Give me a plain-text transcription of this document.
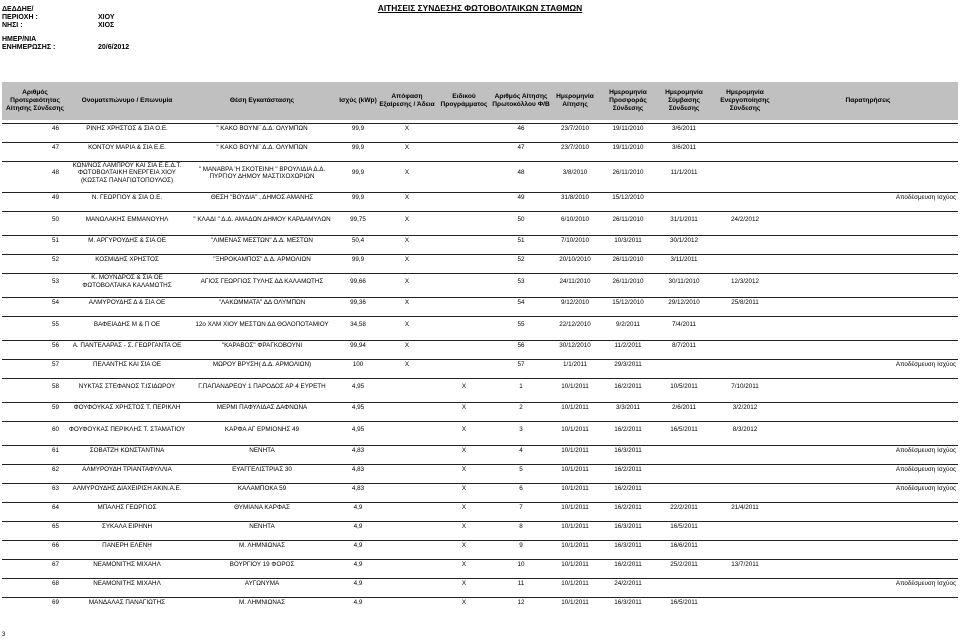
ΑΙΤΗΣΕΙΣ ΣΥΝΔΕΣΗΣ ΦΩΤΟΒΟΛΤΑΙΚΩΝ ΣΤΑΘΜΩΝ
ΔΕΔΔΗΕ/
ΠΕΡΙΟΧΗ :	ΧΙΟΥ
ΝΗΣΙ :	ΧΙΟΣ
ΗΜΕΡ/ΝΙΑ
ΕΝΗΜΕΡΩΣΗΣ :	20/6/2012
Αριθμός Προτεραιότητας Αίτησης Σύνδεσης	Ονοματεπώνυμο / Επωνυμία	Θέση Εγκατάστασης	Ισχύς (kWp)	Απόφαση Εξαίρεσης / Άδεια	Ειδικού Προγράμματος	Αριθμός Αίτησης Πρωτοκόλλου Φ/Β	Ημερομηνία Αίτησης	Ημερομηνία Προσφοράς Σύνδεσης	Ημερομηνία Σύμβασης Σύνδεσης	Ημερομηνία Ενεργοποίησης Σύνδεσης	Παρατηρήσεις

46	ΡΙΝΗΣ ΧΡΗΣΤΟΣ & ΣΙΑ Ο.Ε.	" ΚΑΚΟ ΒΟΥΝΙ¨ Δ.Δ. ΟΛΥΜΠΩΝ	99,9	Χ		46	23/7/2010	19/11/2010	3/6/2011		

47	ΚΟΝΤΟΥ ΜΑΡΙΑ & ΣΙΑ Ε.Ε.	" ΚΑΚΟ ΒΟΥΝΙ¨ Δ.Δ. ΟΛΥΜΠΩΝ	99,9	Χ		47	23/7/2010	19/11/2010	3/6/2011		

48	ΚΩΝ/ΝΟΣ ΛΑΜΠΡΟΥ ΚΑΙ ΣΙΑ Ε.Ε.Δ.Τ. ΦΩΤΟΒΟΛΤΑΙΚΗ ΕΝΕΡΓΕΙΑ ΧΙΟΥ (ΚΩΣΤΑΣ ΠΑΝΑΓΙΩΤΟΠΟΥΛΟΣ)	" ΜΑΝΑΒΡΑ 'Η ΣΚΟΤΕΙΝΗ " ΒΡΟΥΛΙΔΙΑ Δ.Δ. ΠΥΡΓΙΟΥ ΔΗΜΟΥ ΜΑΣΤΙΧΟΧΩΡΙΩΝ	99,9	Χ		48	3/8/2010	26/11/2010	11/1/2011		

49	Ν. ΓΕΩΡΓΙΟΥ & ΣΙΑ Ο.Ε.	ΘΕΣΗ "ΒΟΥΔΙΑ" , ΔΗΜΟΣ ΑΜΑΝΗΣ	99,9	Χ		49	31/8/2010	15/12/2010			Αποδέσμευση Ισχύος

50	ΜΑΝΩΛΑΚΗΣ ΕΜΜΑΝΟΥΗΛ	" ΚΛΑΔΙ " Δ.Δ. ΑΜΑΔΩΝ ΔΗΜΟΥ ΚΑΡΔΑΜΥΛΩΝ	99,75	Χ		50	6/10/2010	26/11/2010	31/1/2011	24/2/2012	

51	Μ. ΑΡΓΥΡΟΥΔΗΣ & ΣΙΑ ΟΕ	"ΛΙΜΕΝΑΣ ΜΕΣΤΩΝ" Δ.Δ. ΜΕΣΤΩΝ	50,4	Χ		51	7/10/2010	10/3/2011	30/1/2012		

52	ΚΟΣΜΙΔΗΣ ΧΡΗΣΤΟΣ	"ΞΗΡΟΚΑΜΠΟΣ" Δ.Δ. ΑΡΜΟΛΙΩΝ	99,9	Χ		52	20/10/2010	26/11/2010	3/11/2011		

53	Κ. ΜΟΥΝΔΡΟΣ & ΣΙΑ ΟΕ ΦΩΤΟΒΟΛΤΑΙΚΑ ΚΑΛΑΜΩΤΗΣ	ΑΓΙΟΣ ΓΕΩΡΓΙΟΣ ΤΥΛΗΣ ΔΔ ΚΑΛΑΜΩΤΗΣ	99,66	Χ		53	24/11/2010	26/11/2010	30/11/2010	12/3/2012	

54	ΑΛΜΥΡΟΥΔΗΣ Δ & ΣΙΑ ΟΕ	"ΛΑΚΩΜΜΑΤΑ" ΔΔ ΟΛΥΜΠΩΝ	99,36	Χ		54	9/12/2010	15/12/2010	29/12/2010	25/8/2011	

55	ΒΑΦΕΙΑΔΗΣ Μ & Π ΟΕ	12ο ΧΛΜ ΧΙΟΥ ΜΕΣΤΩΝ ΔΔ ΘΟΛΟΠΟΤΑΜΙΟΥ	34,58	Χ		55	22/12/2010	9/2/2011	7/4/2011		

56	Α. ΠΑΝΤΕΛΑΡΑΣ - Σ. ΓΕΩΡΓΑΝΤΑ ΟΕ	"ΚΑΡΑΒΟΣ" ΦΡΑΓΚΟΒΟΥΝΙ	99,94	Χ		56	30/12/2010	11/2/2011	8/7/2011		

57	ΠΕΛΑΝΤΗΣ ΚΑΙ ΣΙΑ ΟΕ	ΜΩΡΟΥ ΒΡΥΣΗ( Δ.Δ. ΑΡΜΟΛΙΩΝ)	100	Χ		57	1/1/2011	29/3/2011			Αποδέσμευση Ισχύος

58	ΝΥΚΤΑΣ ΣΤΕΦΑΝΟΣ Τ.ΙΣΙΔΩΡΟΥ	Γ.ΠΑΠΑΝΔΡΕΟΥ 1 ΠΑΡΟΔΟΣ ΑΡ 4 ΕΥΡΕΤΗ	4,95		Χ	1	10/1/2011	16/2/2011	10/5/2011	7/10/2011	

59	ΦΟΥΦΟΥΚΑΣ ΧΡΗΣΤΟΣ Τ. ΠΕΡΙΚΛΗ	ΜΕΡΜΙ ΠΑΦΥΛΙΔΑΣ ΔΑΦΝΩΝΑ	4,95		Χ	2	10/1/2011	3/3/2011	2/6/2011	3/2/2012	

60	ΦΟΥΦΟΥΚΑΣ ΠΕΡΙΚΛΗΣ Τ. ΣΤΑΜΑΤΙΟΥ	ΚΑΡΦΑ ΑΓ ΕΡΜΙΟΝΗΣ 49	4,95		Χ	3	10/1/2011	16/2/2011	16/5/2011	8/3/2012	

61	ΣΟΒΑΤΖΗ ΚΩΝΣΤΑΝΤΙΝΑ	ΝΕΝΗΤΑ	4,83		Χ	4	10/1/2011	16/3/2011			Αποδέσμευση Ισχύος

62	ΑΛΜΥΡΟΥΔΗ ΤΡΙΑΝΤΑΦΥΛΛΙΑ	ΕΥΑΓΓΕΛΙΣΤΡΙΑΣ 30	4,83		Χ	5	10/1/2011	16/2/2011			Αποδέσμευση Ισχύος

63	ΑΛΜΥΡΟΥΔΗΣ ΔΙΑΧΕΙΡΙΣΗ ΑΚΙΝ.Α.Ε.	ΚΑΛΑΜΠΟΚΑ 59	4,83		Χ	6	10/1/2011	16/2/2011			Αποδέσμευση Ισχύος

64	ΜΠΑΛΗΣ ΓΕΩΡΓΙΟΣ	ΘΥΜΙΑΝΑ ΚΑΡΦΑΣ	4,9		Χ	7	10/1/2011	16/2/2011	22/2/2011	21/4/2011	

65	ΣΥΚΑΛΑ ΕΙΡΗΝΗ	ΝΕΝΗΤΑ	4,9		Χ	8	10/1/2011	16/3/2011	16/5/2011		

66	ΠΑΝΕΡΗ ΕΛΕΝΗ	Μ. ΛΗΜΝΙΩΝΑΣ	4,9		Χ	9	10/1/2011	16/3/2011	16/6/2011		

67	ΝΕΑΜΟΝΙΤΗΣ ΜΙΧΑΗΛ	ΒΟΥΡΓΙΟΥ 19 ΦΟΡΟΣ	4,9		Χ	10	10/1/2011	16/2/2011	25/2/2011	13/7/2011	

68	ΝΕΑΜΟΝΙΤΗΣ ΜΙΧΑΗΛ	ΑΥΓΩΝΥΜΑ	4,9		Χ	11	10/1/2011	24/2/2011			Αποδέσμευση Ισχύος

69	ΜΑΝΔΑΛΑΣ ΠΑΝΑΓΙΩΤΗΣ	Μ. ΛΗΜΝΙΩΝΑΣ	4,9		Χ	12	10/1/2011	16/3/2011	16/5/2011		
3
